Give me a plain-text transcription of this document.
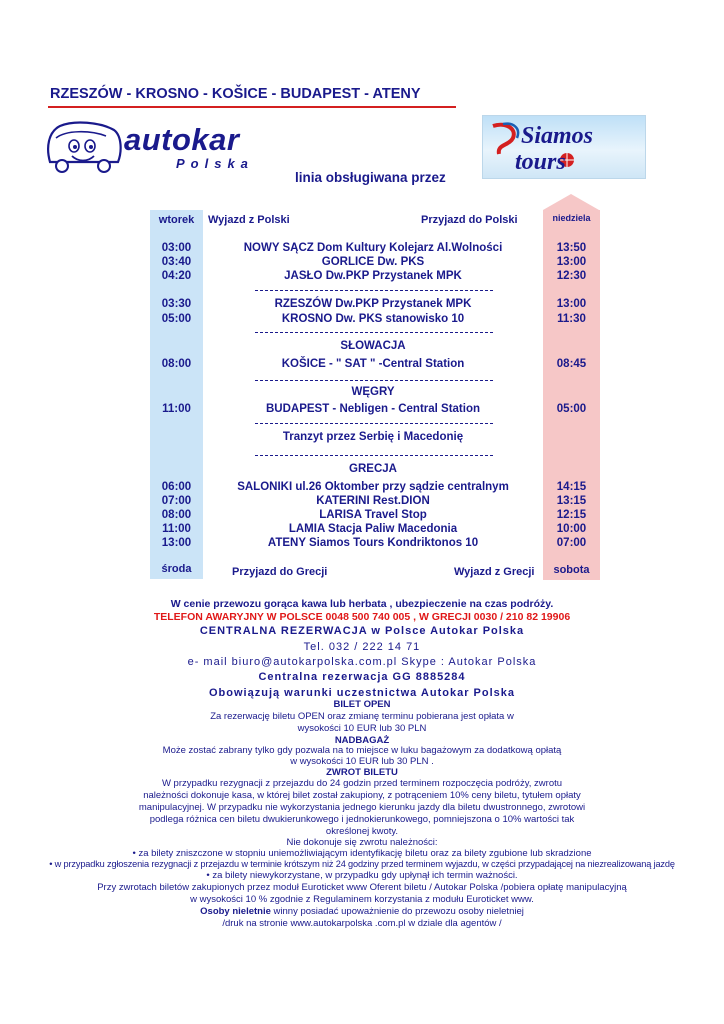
RZESZÓW - KROSNO - KOŠICE - BUDAPEST - ATENY
autokar
Polska
Siamos
tours
linia obsługiwana przez
wtorek	Wyjazd z Polski	Przyjazd do Polski	niedziela
03:00	NOWY SĄCZ Dom Kultury Kolejarz Al.Wolności	13:50
03:40	GORLICE Dw. PKS	13:00
04:20	JASŁO Dw.PKP Przystanek MPK	12:30
03:30	RZESZÓW Dw.PKP Przystanek MPK	13:00
05:00	KROSNO Dw. PKS stanowisko 10	11:30
SŁOWACJA
08:00	KOŠICE - " SAT " -Central Station	08:45
WĘGRY
11:00	BUDAPEST - Nebligen - Central Station	05:00
Tranzyt przez Serbię i Macedonię
GRECJA
06:00	SALONIKI ul.26 Oktomber przy sądzie centralnym	14:15
07:00	KATERINI Rest.DION	13:15
08:00	LARISA Travel Stop	12:15
11:00	LAMIA Stacja Paliw Macedonia	10:00
13:00	ATENY Siamos Tours Kondriktonos 10	07:00
środa	Przyjazd do Grecji	Wyjazd z Grecji	sobota
W cenie przewozu gorąca kawa lub herbata , ubezpieczenie na czas podróży.
TELEFON AWARYJNY W POLSCE 0048 500 740 005 , W GRECJI 0030 / 210 82 19906
CENTRALNA REZERWACJA w Polsce Autokar Polska
Tel. 032 / 222 14 71
e- mail biuro@autokarpolska.com.pl Skype : Autokar Polska
Centralna rezerwacja GG 8885284
Obowiązują warunki uczestnictwa Autokar Polska
BILET OPEN
Za rezerwację biletu OPEN oraz zmianę terminu pobierana jest opłata w
wysokości 10 EUR lub 30 PLN
NADBAGAŻ
Może zostać zabrany tylko gdy pozwala na to miejsce w luku bagażowym za dodatkową opłatą
w wysokości 10 EUR lub 30 PLN .
ZWROT BILETU
W przypadku rezygnacji z przejazdu do 24 godzin przed terminem rozpoczęcia podróży, zwrotu
należności dokonuje kasa, w której bilet został zakupiony, z potrąceniem 10% ceny biletu, tytułem opłaty
manipulacyjnej. W przypadku nie wykorzystania jednego kierunku jazdy dla biletu dwustronnego, zwrotowi
podlega różnica cen biletu dwukierunkowego i jednokierunkowego, pomniejszona o 10% wartości tak
określonej kwoty.
Nie dokonuje się zwrotu należności:
• za bilety zniszczone w stopniu uniemożliwiającym identyfikację biletu oraz za bilety zgubione lub skradzione
• w przypadku zgłoszenia rezygnacji z przejazdu w terminie krótszym niż 24 godziny przed terminem wyjazdu, w części przypadającej na niezrealizowaną jazdę
• za bilety niewykorzystane, w przypadku gdy upłynął ich termin ważności.
Przy zwrotach biletów zakupionych przez moduł Euroticket www Oferent biletu / Autokar Polska /pobiera opłatę manipulacyjną
w wysokości 10 % zgodnie z Regulaminem korzystania z modułu Euroticket www.
Osoby nieletnie winny posiadać upoważnienie do przewozu osoby nieletniej
/druk na stronie www.autokarpolska .com.pl w dziale dla agentów /
